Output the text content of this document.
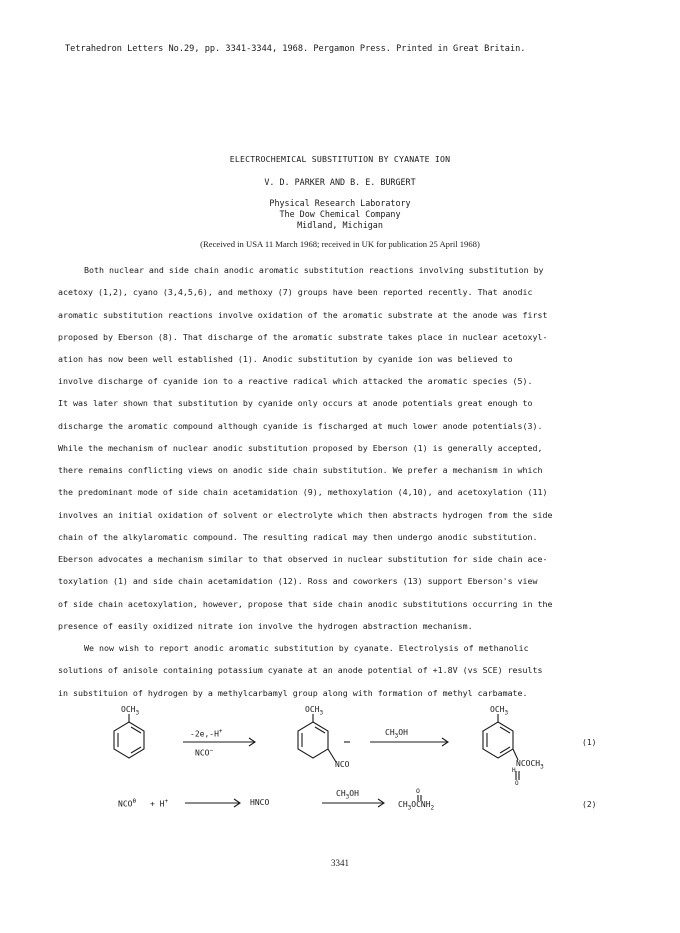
Tetrahedron Letters No.29, pp. 3341-3344, 1968. Pergamon Press. Printed in Great Britain.
ELECTROCHEMICAL SUBSTITUTION BY CYANATE ION
V. D. PARKER AND B. E. BURGERT
Physical Research Laboratory
The Dow Chemical Company
Midland, Michigan
(Received in USA 11 March 1968; received in UK for publication 25 April 1968)
Both nuclear and side chain anodic aromatic substitution reactions involving substitution by
acetoxy (1,2), cyano (3,4,5,6), and methoxy (7) groups have been reported recently. That anodic
aromatic substitution reactions involve oxidation of the aromatic substrate at the anode was first
proposed by Eberson (8). That discharge of the aromatic substrate takes place in nuclear acetoxyl-
ation has now been well established (1). Anodic substitution by cyanide ion was believed to
involve discharge of cyanide ion to a reactive radical which attacked the aromatic species (5).
It was later shown that substitution by cyanide only occurs at anode potentials great enough to
discharge the aromatic compound although cyanide is fischarged at much lower anode potentials(3).
While the mechanism of nuclear anodic substitution proposed by Eberson (1) is generally accepted,
there remains conflicting views on anodic side chain substitution. We prefer a mechanism in which
the predominant mode of side chain acetamidation (9), methoxylation (4,10), and acetoxylation (11)
involves an initial oxidation of solvent or electrolyte which then abstracts hydrogen from the side
chain of the alkylaromatic compound. The resulting radical may then undergo anodic substitution.
Eberson advocates a mechanism similar to that observed in nuclear substitution for side chain ace-
toxylation (1) and side chain acetamidation (12). Ross and coworkers (13) support Eberson's view
of side chain acetoxylation, however, propose that side chain anodic substitutions occurring in the
presence of easily oxidized nitrate ion involve the hydrogen abstraction mechanism.
We now wish to report anodic aromatic substitution by cyanate. Electrolysis of methanolic
solutions of anisole containing potassium cyanate at an anode potential of +1.8V (vs SCE) results
in substituion of hydrogen by a methylcarbamyl group along with formation of methyl carbamate.
$OCH_3$
-2e,-H+
NCO−
$OCH_3$
NCO
$CH_3OH$
$OCH_3$
$NCOCH_3$
H
O
(1)
$NCO^\theta + H^+$	HNCO
$CH_3OH$	O
$CH_3OCNH_2$	(2)
3341
